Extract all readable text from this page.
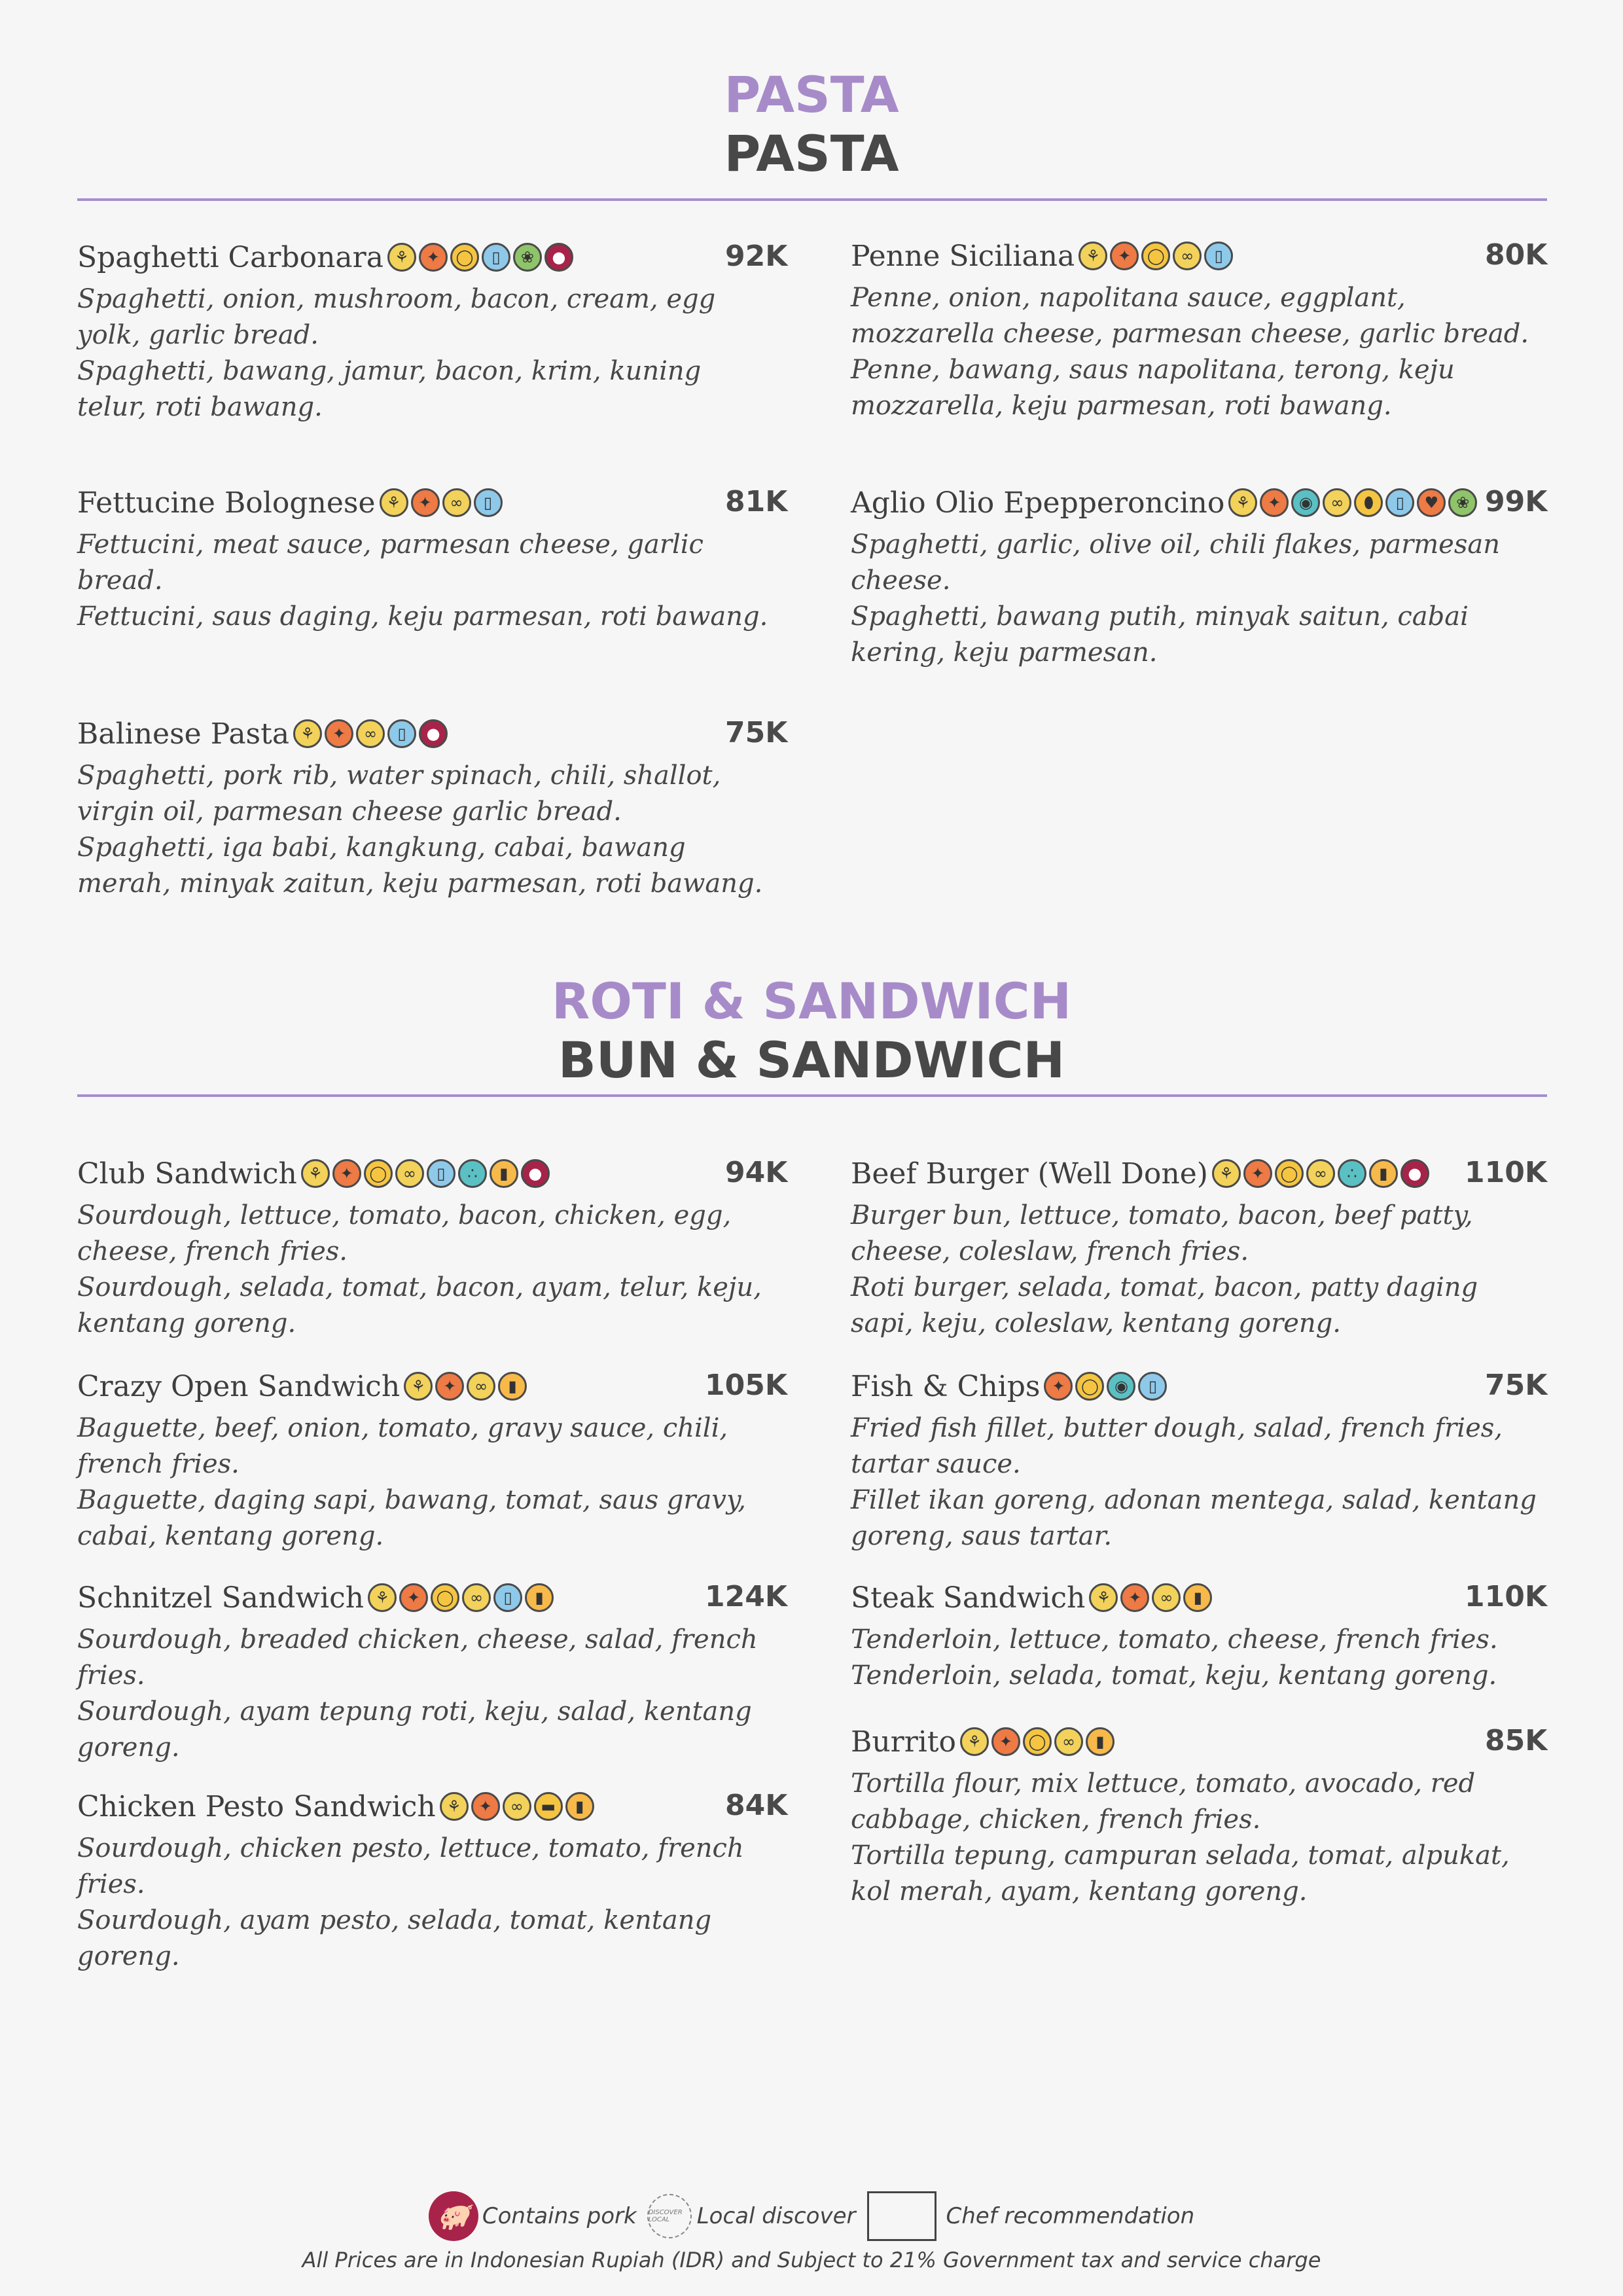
PASTA
PASTA
ROTI & SANDWICH
BUN & SANDWICH
Spaghetti Carbonara ⚘	✦	◯	▯	❀	●	92K
Spaghetti, onion, mushroom, bacon, cream, egg yolk, garlic bread.
Spaghetti, bawang, jamur, bacon, krim, kuning telur, roti bawang.
Penne Siciliana ⚘	✦	◯	∞	▯	80K
Penne, onion, napolitana sauce, eggplant, mozzarella cheese, parmesan cheese, garlic bread.
Penne, bawang, saus napolitana, terong, keju mozzarella, keju parmesan, roti bawang.
Fettucine Bolognese ⚘	✦	∞	▯	81K
Fettucini, meat sauce, parmesan cheese, garlic bread.
Fettucini, saus daging, keju parmesan, roti bawang.
Aglio Olio Epepperoncino ⚘	✦	◉	∞	⬮	▯	♥	❀ 99K
Spaghetti, garlic, olive oil, chili flakes, parmesan cheese.
Spaghetti, bawang putih, minyak saitun, cabai kering, keju parmesan.
Balinese Pasta ⚘	✦	∞	▯	●	75K
Spaghetti, pork rib, water spinach, chili, shallot, virgin oil, parmesan cheese garlic bread.
Spaghetti, iga babi, kangkung, cabai, bawang merah, minyak zaitun, keju parmesan, roti bawang.
Club Sandwich ⚘	✦	◯	∞	▯	∴	▮	●	94K
Sourdough, lettuce, tomato, bacon, chicken, egg, cheese, french fries.
Sourdough, selada, tomat, bacon, ayam, telur, keju, kentang goreng.
Beef Burger (Well Done) ⚘	✦	◯	∞	∴	▮	● 110K
Burger bun, lettuce, tomato, bacon, beef patty, cheese, coleslaw, french fries.
Roti burger, selada, tomat, bacon, patty daging sapi, keju, coleslaw, kentang goreng.
Crazy Open Sandwich ⚘	✦	∞	▮	105K
Baguette, beef, onion, tomato, gravy sauce, chili, french fries.
Baguette, daging sapi, bawang, tomat, saus gravy, cabai, kentang goreng.
Fish & Chips ✦	◯	◉	▯	75K
Fried fish fillet, butter dough, salad, french fries, tartar sauce.
Fillet ikan goreng, adonan mentega, salad, kentang goreng, saus tartar.
Schnitzel Sandwich ⚘	✦	◯	∞	▯	▮	124K
Sourdough, breaded chicken, cheese, salad, french fries.
Sourdough, ayam tepung roti, keju, salad, kentang goreng.
Steak Sandwich ⚘	✦	∞	▮	110K
Tenderloin, lettuce, tomato, cheese, french fries.
Tenderloin, selada, tomat, keju, kentang goreng.
Burrito ⚘	✦	◯	∞	▮	85K
Tortilla flour, mix lettuce, tomato, avocado, red cabbage, chicken, french fries.
Tortilla tepung, campuran selada, tomat, alpukat, kol merah, ayam, kentang goreng.
Chicken Pesto Sandwich ⚘	✦	∞	▬	▮	84K
Sourdough, chicken pesto, lettuce, tomato, french fries.
Sourdough, ayam pesto, selada, tomat, kentang goreng.
🐖 Contains pork DISCOVER LOCAL	Local discover	Chef recommendation
All Prices are in Indonesian Rupiah (IDR) and Subject to 21% Government tax and service charge
